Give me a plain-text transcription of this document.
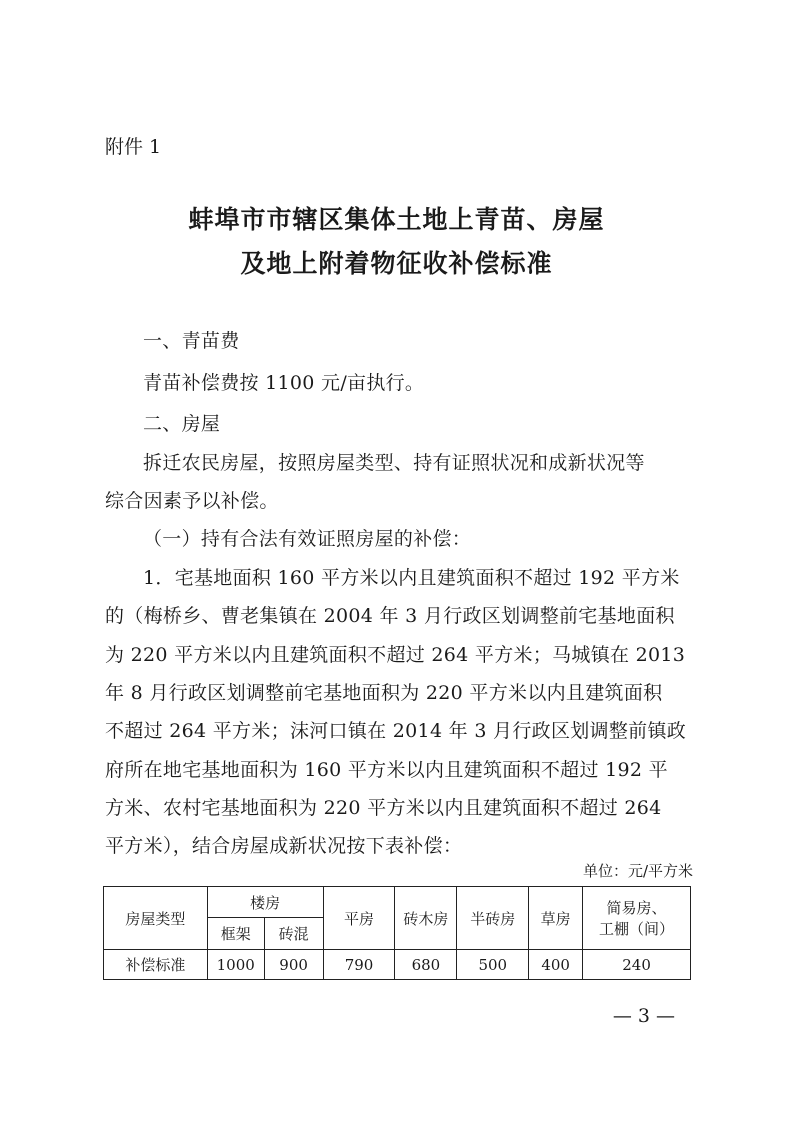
附件 1
蚌埠市市辖区集体土地上青苗、房屋
及地上附着物征收补偿标准
一、青苗费
青苗补偿费按 1100 元/亩执行。
二、房屋
拆迁农民房屋，按照房屋类型、持有证照状况和成新状况等
综合因素予以补偿。
（一）持有合法有效证照房屋的补偿：
1．宅基地面积 160 平方米以内且建筑面积不超过 192 平方米
的（梅桥乡、曹老集镇在 2004 年 3 月行政区划调整前宅基地面积
为 220 平方米以内且建筑面积不超过 264 平方米；马城镇在 2013
年 8 月行政区划调整前宅基地面积为 220 平方米以内且建筑面积
不超过 264 平方米；沫河口镇在 2014 年 3 月行政区划调整前镇政
府所在地宅基地面积为 160 平方米以内且建筑面积不超过 192 平
方米、农村宅基地面积为 220 平方米以内且建筑面积不超过 264
平方米），结合房屋成新状况按下表补偿：
单位：元/平方米
房屋类型	楼房		平房	砖木房	半砖房	草房	简易房、
工棚（间）

	框架	砖混					
补偿标准	1000	900	790	680	500	400	240
— 3 —
